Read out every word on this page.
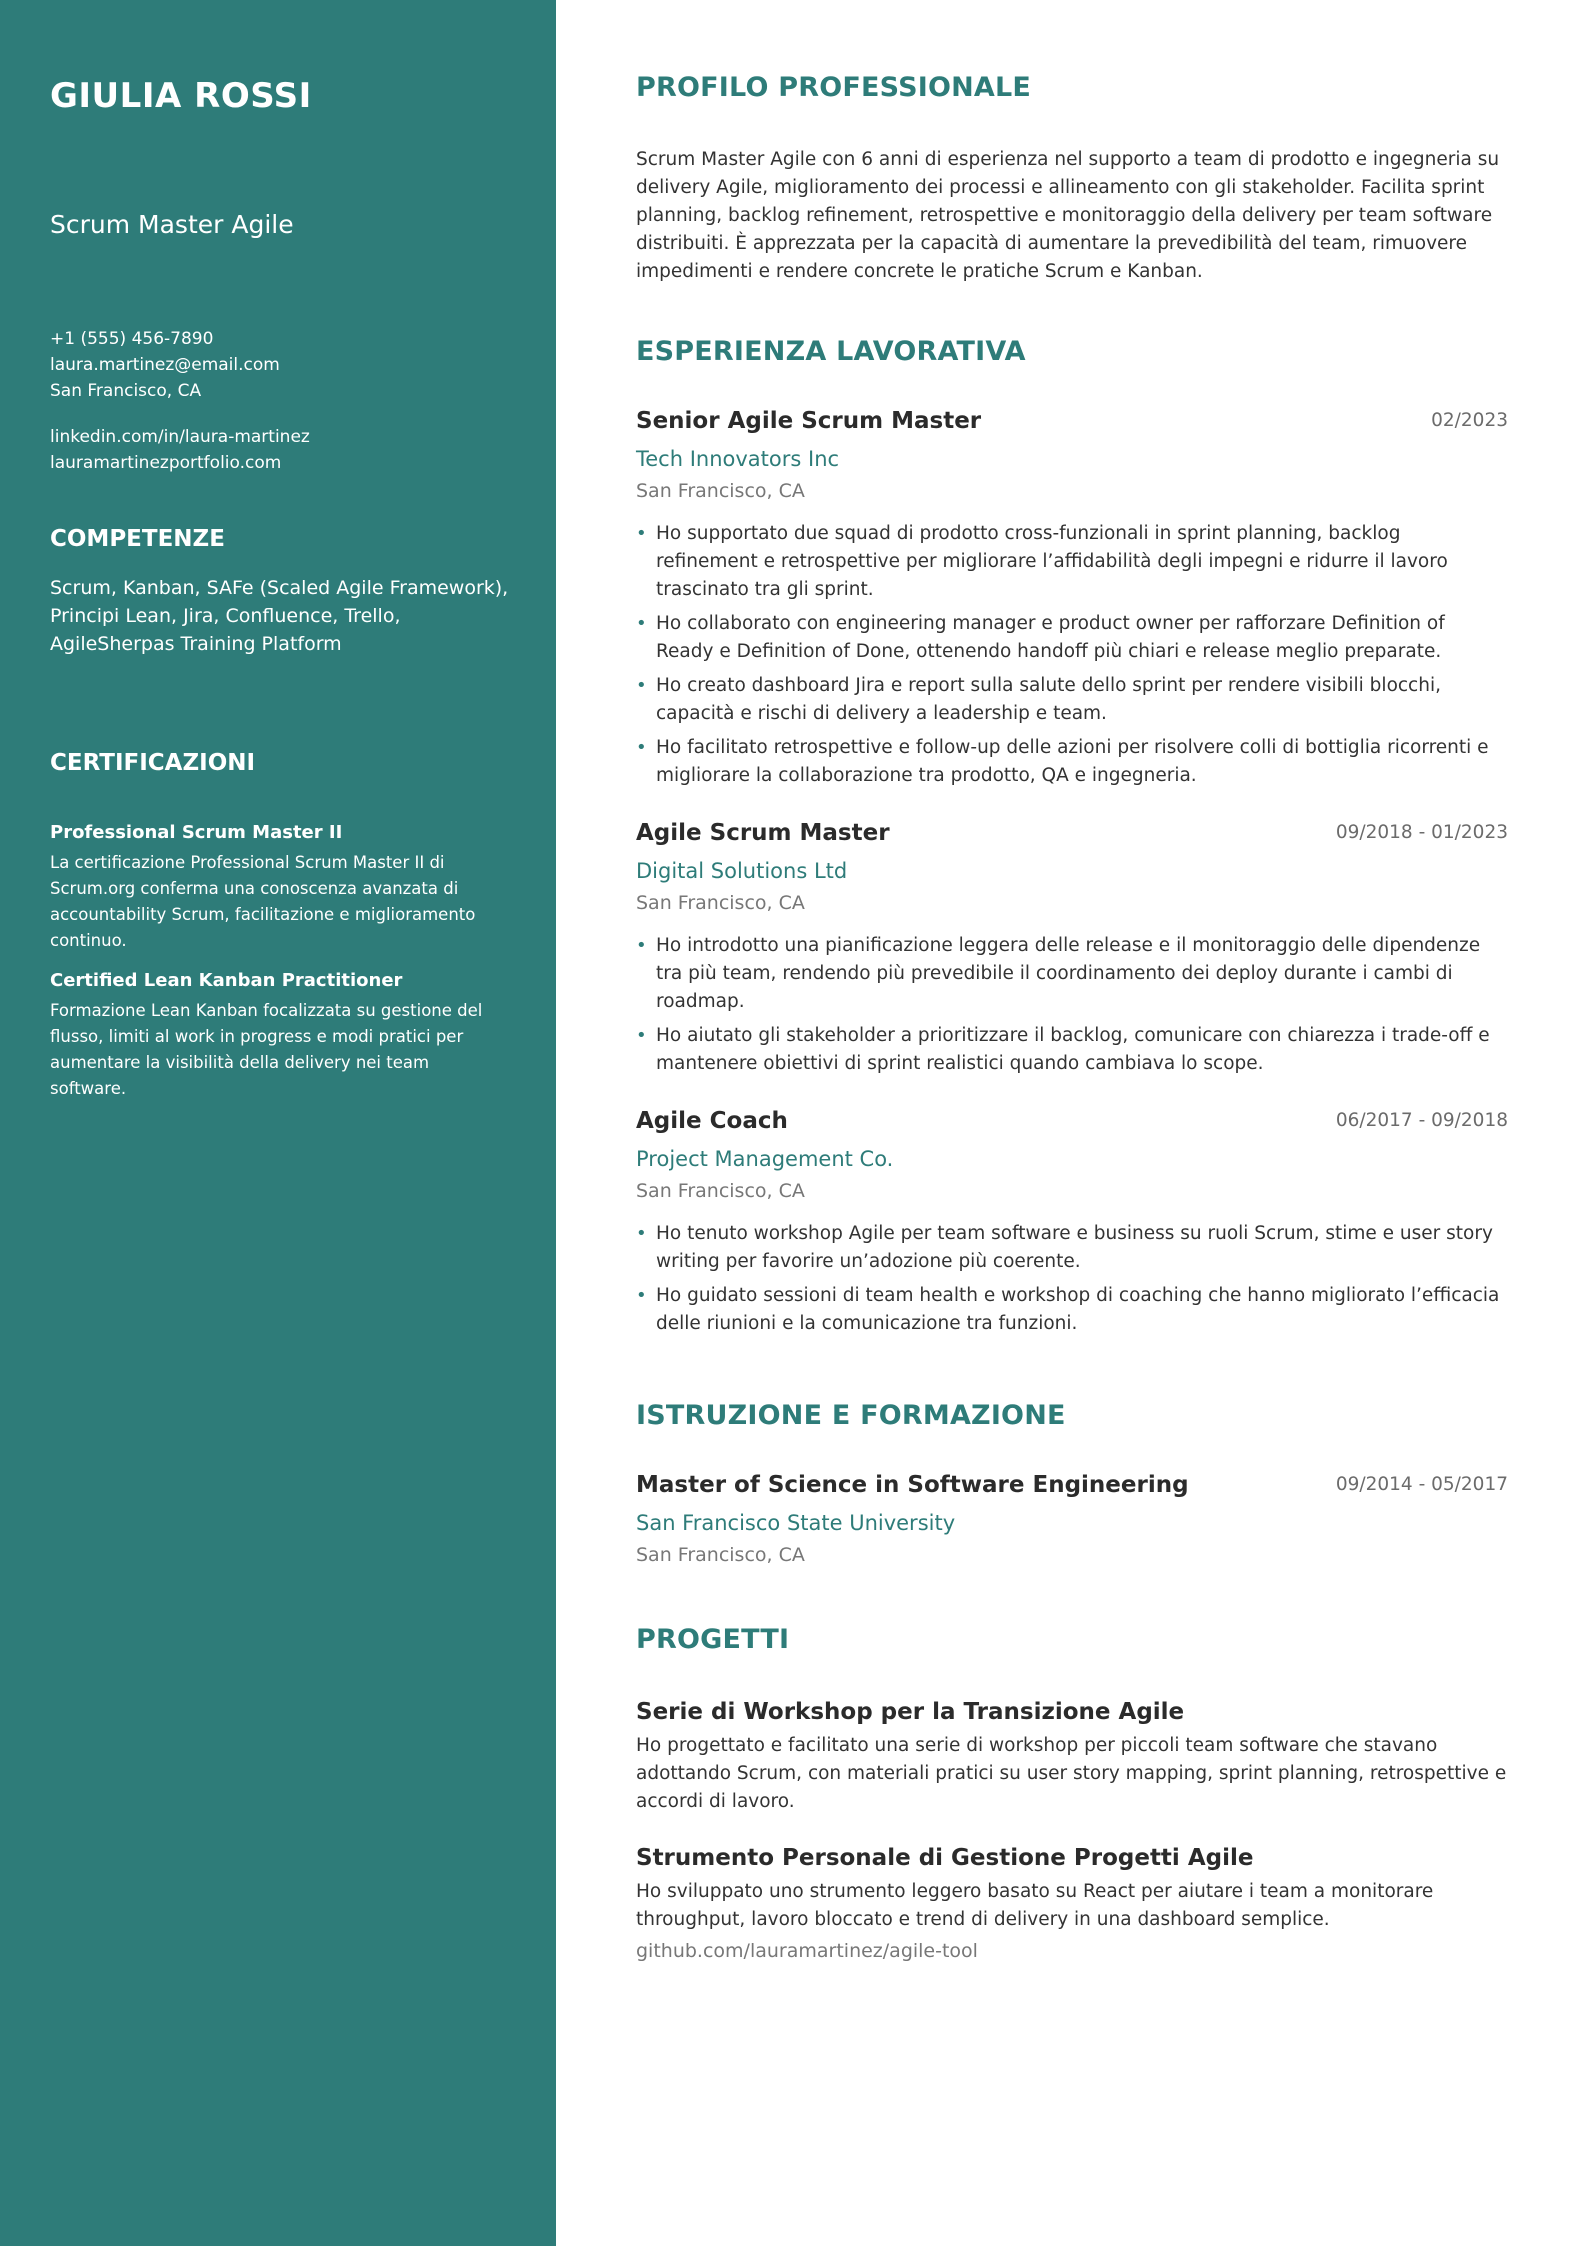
GIULIA ROSSI
Scrum Master Agile
+1 (555) 456-7890
laura.martinez@email.com
San Francisco, CA
linkedin.com/in/laura-martinez
lauramartinezportfolio.com
COMPETENZE
Scrum, Kanban, SAFe (Scaled Agile Framework), Principi Lean, Jira, Confluence, Trello, AgileSherpas Training Platform
CERTIFICAZIONI
Professional Scrum Master II
La certificazione Professional Scrum Master II di Scrum.org conferma una conoscenza avanzata di accountability Scrum, facilitazione e miglioramento continuo.
Certified Lean Kanban Practitioner
Formazione Lean Kanban focalizzata su gestione del flusso, limiti al work in progress e modi pratici per aumentare la visibilità della delivery nei team software.
PROFILO PROFESSIONALE
Scrum Master Agile con 6 anni di esperienza nel supporto a team di prodotto e ingegneria su delivery Agile, miglioramento dei processi e allineamento con gli stakeholder. Facilita sprint planning, backlog refinement, retrospettive e monitoraggio della delivery per team software distribuiti. È apprezzata per la capacità di aumentare la prevedibilità del team, rimuovere impedimenti e rendere concrete le pratiche Scrum e Kanban.
ESPERIENZA LAVORATIVA
Senior Agile Scrum Master	02/2023
Tech Innovators Inc
San Francisco, CA
• Ho supportato due squad di prodotto cross-funzionali in sprint planning, backlog refinement e retrospettive per migliorare l’affidabilità degli impegni e ridurre il lavoro trascinato tra gli sprint.
• Ho collaborato con engineering manager e product owner per rafforzare Definition of Ready e Definition of Done, ottenendo handoff più chiari e release meglio preparate.
• Ho creato dashboard Jira e report sulla salute dello sprint per rendere visibili blocchi, capacità e rischi di delivery a leadership e team.
• Ho facilitato retrospettive e follow-up delle azioni per risolvere colli di bottiglia ricorrenti e migliorare la collaborazione tra prodotto, QA e ingegneria.
Agile Scrum Master	09/2018 - 01/2023
Digital Solutions Ltd
San Francisco, CA
• Ho introdotto una pianificazione leggera delle release e il monitoraggio delle dipendenze tra più team, rendendo più prevedibile il coordinamento dei deploy durante i cambi di roadmap.
• Ho aiutato gli stakeholder a prioritizzare il backlog, comunicare con chiarezza i trade-off e mantenere obiettivi di sprint realistici quando cambiava lo scope.
Agile Coach	06/2017 - 09/2018
Project Management Co.
San Francisco, CA
• Ho tenuto workshop Agile per team software e business su ruoli Scrum, stime e user story writing per favorire un’adozione più coerente.
• Ho guidato sessioni di team health e workshop di coaching che hanno migliorato l’efficacia delle riunioni e la comunicazione tra funzioni.
ISTRUZIONE E FORMAZIONE
Master of Science in Software Engineering	09/2014 - 05/2017
San Francisco State University
San Francisco, CA
PROGETTI
Serie di Workshop per la Transizione Agile
Ho progettato e facilitato una serie di workshop per piccoli team software che stavano adottando Scrum, con materiali pratici su user story mapping, sprint planning, retrospettive e accordi di lavoro.
Strumento Personale di Gestione Progetti Agile
Ho sviluppato uno strumento leggero basato su React per aiutare i team a monitorare throughput, lavoro bloccato e trend di delivery in una dashboard semplice.
github.com/lauramartinez/agile-tool
